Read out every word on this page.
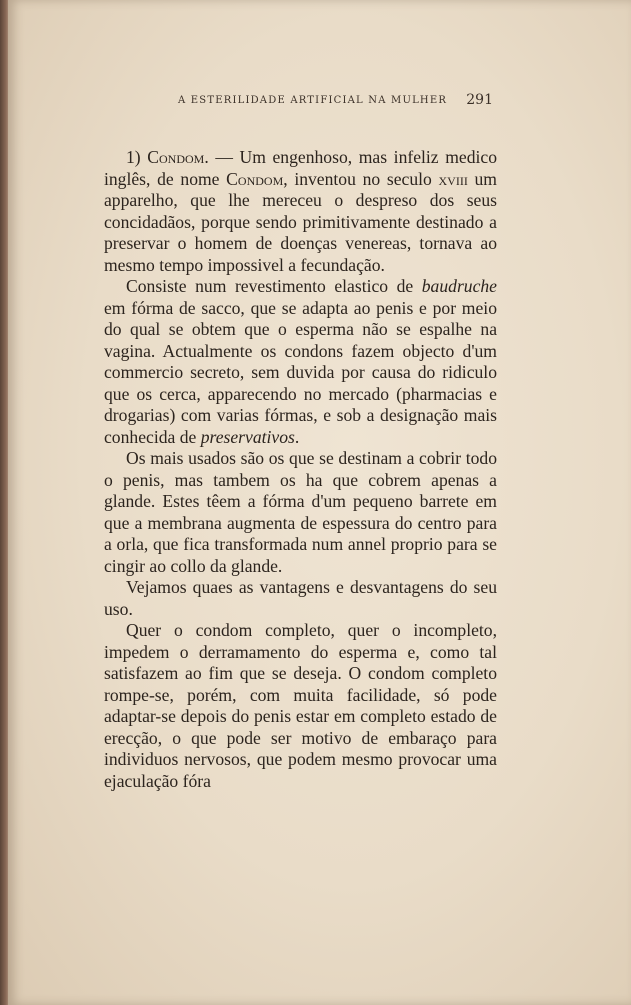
A ESTERILIDADE ARTIFICIAL NA MULHER 291

1) Condom. — Um engenhoso, mas infeliz medico inglês, de nome Condom, inventou no seculo xviii um apparelho, que lhe mereceu o despreso dos seus concidadãos, porque sendo primitivamente destinado a preservar o homem de doenças venereas, tornava ao mesmo tempo impossivel a fecundação.

Consiste num revestimento elastico de baudruche em fórma de sacco, que se adapta ao penis e por meio do qual se obtem que o esperma não se espalhe na vagina. Actualmente os condons fazem objecto d'um commercio secreto, sem duvida por causa do ridiculo que os cerca, apparecendo no mercado (pharmacias e drogarias) com varias fórmas, e sob a designação mais conhecida de preservativos.

Os mais usados são os que se destinam a cobrir todo o penis, mas tambem os ha que cobrem apenas a glande. Estes têem a fórma d'um pequeno barrete em que a membrana augmenta de espessura do centro para a orla, que fica transformada num annel proprio para se cingir ao collo da glande.

Vejamos quaes as vantagens e desvantagens do seu uso.

Quer o condom completo, quer o incompleto, impedem o derramamento do esperma e, como tal satisfazem ao fim que se deseja. O condom completo rompe-se, porém, com muita facilidade, só pode adaptar-se depois do penis estar em completo estado de erecção, o que pode ser motivo de embaraço para individuos nervosos, que podem mesmo provocar uma ejaculação fóra
